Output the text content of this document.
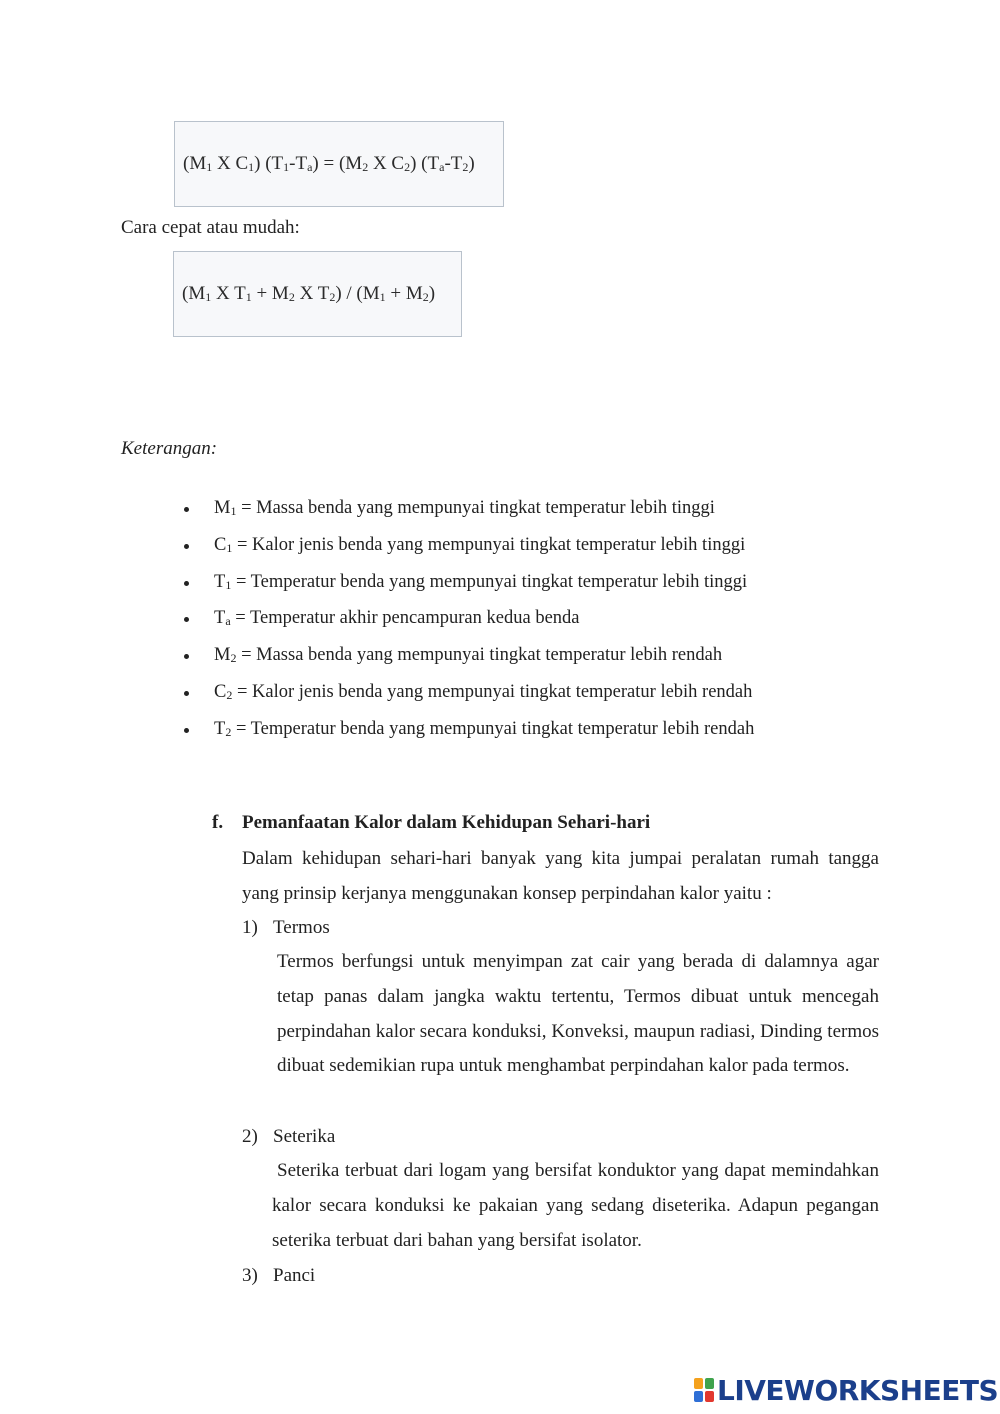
($M_1$ X $C_1$) $(T_1-T_a) = (M_2$ X $C_2$) $(T_a-T_2)$
Cara cepat atau mudah:
($M_1$ X $T_1 + M_2$ X $T_2) / (M_1 + M_2)$
Keterangan:
$M_1$ = Massa benda yang mempunyai tingkat temperatur lebih tinggi
$C_1$ = Kalor jenis benda yang mempunyai tingkat temperatur lebih tinggi
$T_1$ = Temperatur benda yang mempunyai tingkat temperatur lebih tinggi
$T_a$ = Temperatur akhir pencampuran kedua benda
$M_2$ = Massa benda yang mempunyai tingkat temperatur lebih rendah
$C_2$ = Kalor jenis benda yang mempunyai tingkat temperatur lebih rendah
$T_2$ = Temperatur benda yang mempunyai tingkat temperatur lebih rendah
f. Pemanfaatan Kalor dalam Kehidupan Sehari-hari

Dalam kehidupan sehari-hari banyak yang kita jumpai peralatan rumah tangga yang prinsip kerjanya menggunakan konsep perpindahan kalor yaitu :

1) Termos

Termos berfungsi untuk menyimpan zat cair yang berada di dalamnya agar tetap panas dalam jangka waktu tertentu, Termos dibuat untuk mencegah perpindahan kalor secara konduksi, Konveksi, maupun radiasi, Dinding termos dibuat sedemikian rupa untuk menghambat perpindahan kalor pada termos.

2) Seterika

Seterika terbuat dari logam yang bersifat konduktor yang dapat memindahkan kalor secara konduksi ke pakaian yang sedang diseterika. Adapun pegangan seterika terbuat dari bahan yang bersifat isolator.

3) Panci
LIVEWORKSHEETS
